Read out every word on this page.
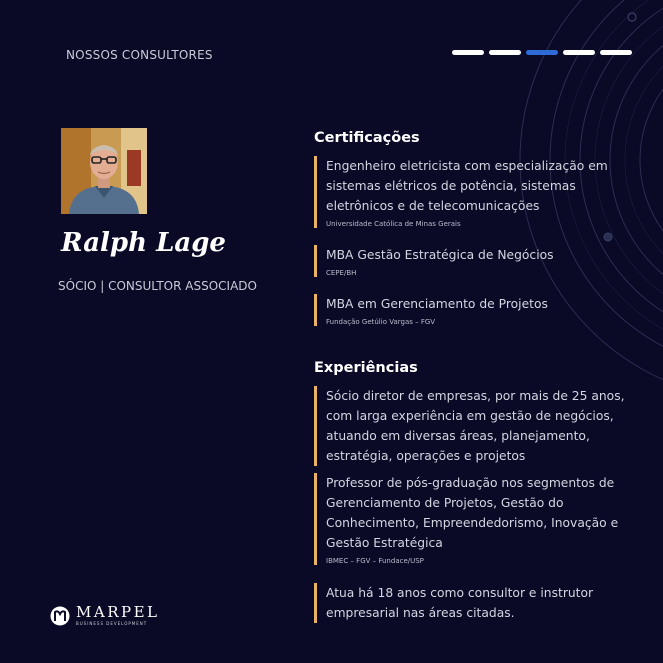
NOSSOS CONSULTORES
Ralph Lage
SÓCIO | CONSULTOR ASSOCIADO
Certificações
Engenheiro eletricista com especialização em
sistemas elétricos de potência, sistemas
eletrônicos e de telecomunicações
Universidade Católica de Minas Gerais
MBA Gestão Estratégica de Negócios
CEPE/BH
MBA em Gerenciamento de Projetos
Fundação Getúlio Vargas – FGV
Experiências
Sócio diretor de empresas, por mais de 25 anos,
com larga experiência em gestão de negócios,
atuando em diversas áreas, planejamento,
estratégia, operações e projetos
Professor de pós-graduação nos segmentos de
Gerenciamento de Projetos, Gestão do
Conhecimento, Empreendedorismo, Inovação e
Gestão Estratégica
IBMEC – FGV – Fundace/USP
Atua há 18 anos como consultor e instrutor
empresarial nas áreas citadas.
MARPEL
BUSINESS DEVELOPMENT
